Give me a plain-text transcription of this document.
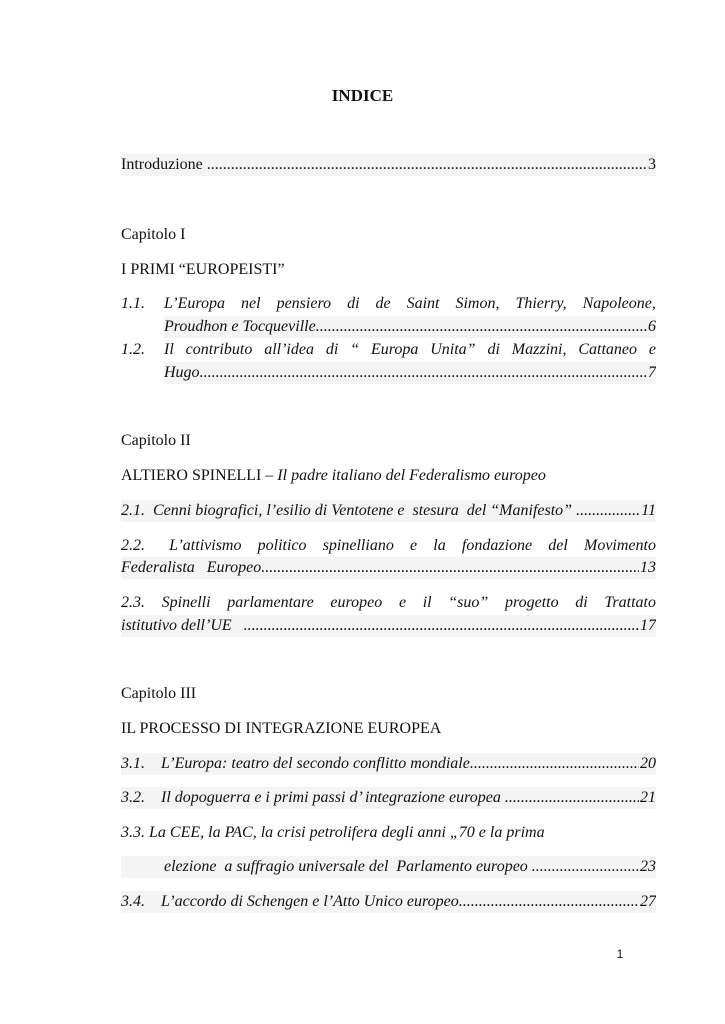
INDICE
Introduzione .....	3
Capitolo I
I PRIMI “EUROPEISTI”
1.1. L’Europa nel pensiero di de Saint Simon, Thierry, Napoleone,
Proudhon e Tocqueville .....	6
1.2. Il contributo all’idea di “ Europa Unita” di Mazzini, Cattaneo e
Hugo .....	7
Capitolo II
ALTIERO SPINELLI – Il padre italiano del Federalismo europeo
2.1.  Cenni biografici, l’esilio di Ventotene e  stesura  del “Manifesto” .....	11
2.2. L’attivismo politico spinelliano e la fondazione del Movimento
Federalista   Europeo .....	13
2.3. Spinelli parlamentare europeo e il “suo” progetto di Trattato
istitutivo dell’UE .....	17
Capitolo III
IL PROCESSO DI INTEGRAZIONE EUROPEA
3.1.    L’Europa: teatro del secondo conflitto mondiale .....	20
3.2.    Il dopoguerra e i primi passi d’ integrazione europea .....	21
3.3. La CEE, la PAC, la crisi petrolifera degli anni „70 e la prima
elezione  a suffragio universale del  Parlamento europeo .....	23
3.4.    L’accordo di Schengen e l’Atto Unico europeo .....	27
1
